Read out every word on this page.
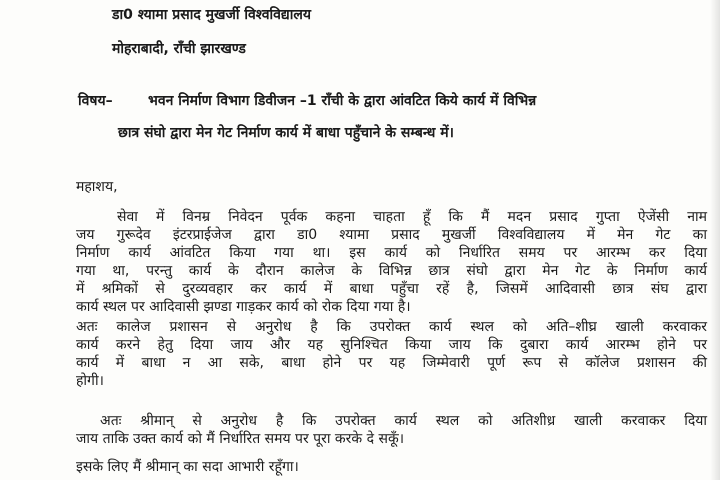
डा0 श्यामा प्रसाद मुखर्जी विश्वविद्यालय
मोहराबादी, राँची झारखण्ड
विषय–	भवन निर्माण विभाग डिवीजन –1 राँची के द्वारा आंवटित किये कार्य में विभिन्न
छात्र संघो द्वारा मेन गेट निर्माण कार्य में बाधा पहुँचाने के सम्बन्ध में।
महाशय,
सेवा में विनम्र निवेदन पूर्वक कहना चाहता हूँ कि मैं मदन प्रसाद गुप्ता ऐजेंसी नाम
जय गुरूदेव इंटरप्राईजेज द्वारा डा0 श्यामा प्रसाद मुखर्जी विश्वविद्यालय में मेन गेट का
निर्माण कार्य आंवटित किया गया था। इस कार्य को निर्धारित समय पर आरम्भ कर दिया
गया था, परन्तु कार्य के दौरान कालेज के विभिन्न छात्र संघो द्वारा मेन गेट के निर्माण कार्य
में श्रमिकों से दुरव्यवहार कर कार्य में बाधा पहुँचा रहें है, जिसमें आदिवासी छात्र संघ द्वारा
कार्य स्थल पर आदिवासी झण्डा गाड़कर कार्य को रोक दिया गया है।
अतः कालेज प्रशासन से अनुरोध है कि उपरोक्त कार्य स्थल को अति–शीघ्र खाली करवाकर
कार्य करने हेतु दिया जाय और यह सुनिश्चित किया जाय कि दुबारा कार्य आरम्भ होने पर
कार्य में बाधा न आ सके, बाधा होने पर यह जिम्मेवारी पूर्ण रूप से कॉलेज प्रशासन की
होगी।
अतः श्रीमान् से अनुरोध है कि उपरोक्त कार्य स्थल को अतिशीध्र खाली करवाकर दिया
जाय ताकि उक्त कार्य को मैं निर्धारित समय पर पूरा करके दे सकूँ।
इसके लिए मैं श्रीमान् का सदा आभारी रहूँगा।
